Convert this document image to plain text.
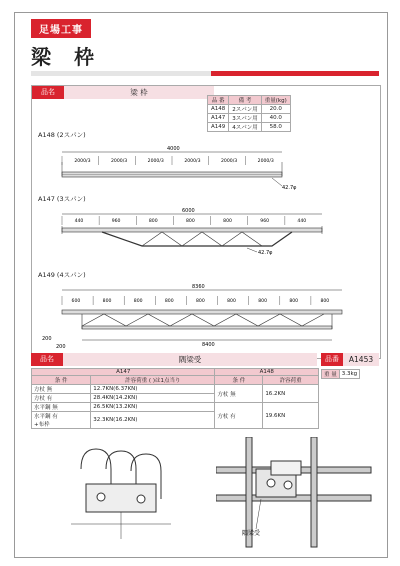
足場工事
梁 枠
品名	梁 枠
品 番	備 考	重量(kg)
A148	2スパン用	20.0
A147	3スパン用	40.0
A149	4スパン用	58.0
A148 (2スパン)
4000
2000/3	2000/3	2000/3	2000/3	2000/3	2000/3
42.7φ
A147 (3スパン)
6000
440	960	800	800	800	960	440
42.7φ
A149 (4スパン)
8360
600	800	800	800	800	800	800	800	800
8400
200
200
品名	隅梁受	品番	A1453
重 量	3.3kg
A147		A148	
条 件	許容荷重 ( )は1点当り	条 件	許容荷重
方杖 無	12.7KN(6.37KN)	方杖 無	16.2KN
方杖 有	28.4KN(14.2KN)		
水平鋼 無	26.5KN(13.2KN)	方杖 有	19.6KN
水平鋼 有
+布枠	32.3KN(16.2KN)		
隅梁受
